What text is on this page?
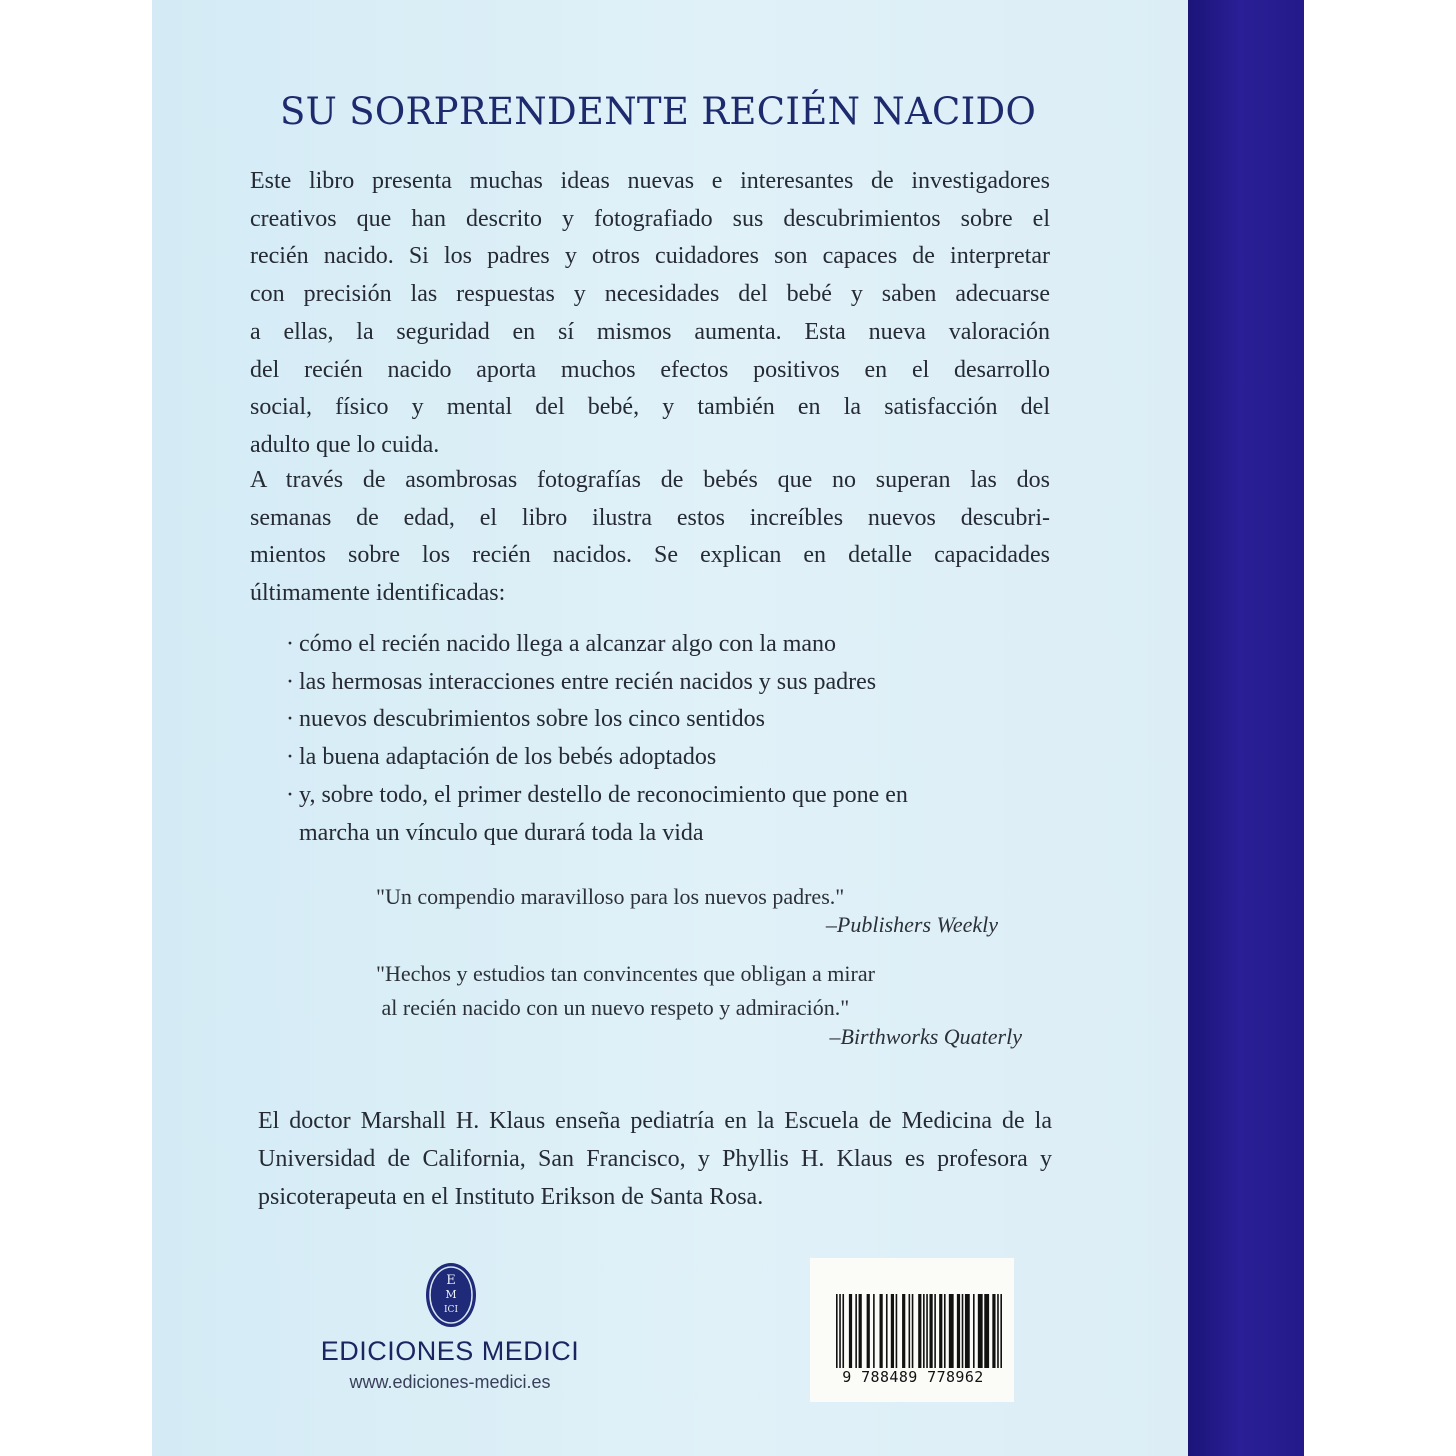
SU SORPRENDENTE RECIÉN NACIDO

Este libro presenta muchas ideas nuevas e interesantes de investigadores
creativos que han descrito y fotografiado sus descubrimientos sobre el
recién nacido. Si los padres y otros cuidadores son capaces de interpretar
con precisión las respuestas y necesidades del bebé y saben adecuarse
a ellas, la seguridad en sí mismos aumenta. Esta nueva valoración
del recién nacido aporta muchos efectos positivos en el desarrollo
social, físico y mental del bebé, y también en la satisfacción del
adulto que lo cuida.

A través de asombrosas fotografías de bebés que no superan las dos
semanas de edad, el libro ilustra estos increíbles nuevos descubri-
mientos sobre los recién nacidos. Se explican en detalle capacidades
últimamente identificadas:

· cómo el recién nacido llega a alcanzar algo con la mano
· las hermosas interacciones entre recién nacidos y sus padres
· nuevos descubrimientos sobre los cinco sentidos
· la buena adaptación de los bebés adoptados
· y, sobre todo, el primer destello de reconocimiento que pone en
marcha un vínculo que durará toda la vida
"Un compendio maravilloso para los nuevos padres."
–Publishers Weekly
"Hechos y estudios tan convincentes que obligan a mirar
al recién nacido con un nuevo respeto y admiración."
–Birthworks Quaterly

El doctor Marshall H. Klaus enseña pediatría en la Escuela de Medicina de la
Universidad de California, San Francisco, y Phyllis H. Klaus es profesora y
psicoterapeuta en el Instituto Erikson de Santa Rosa.

E
M
ICI
EDICIONES MEDICI
www.ediciones-medici.es	9 788489 778962
